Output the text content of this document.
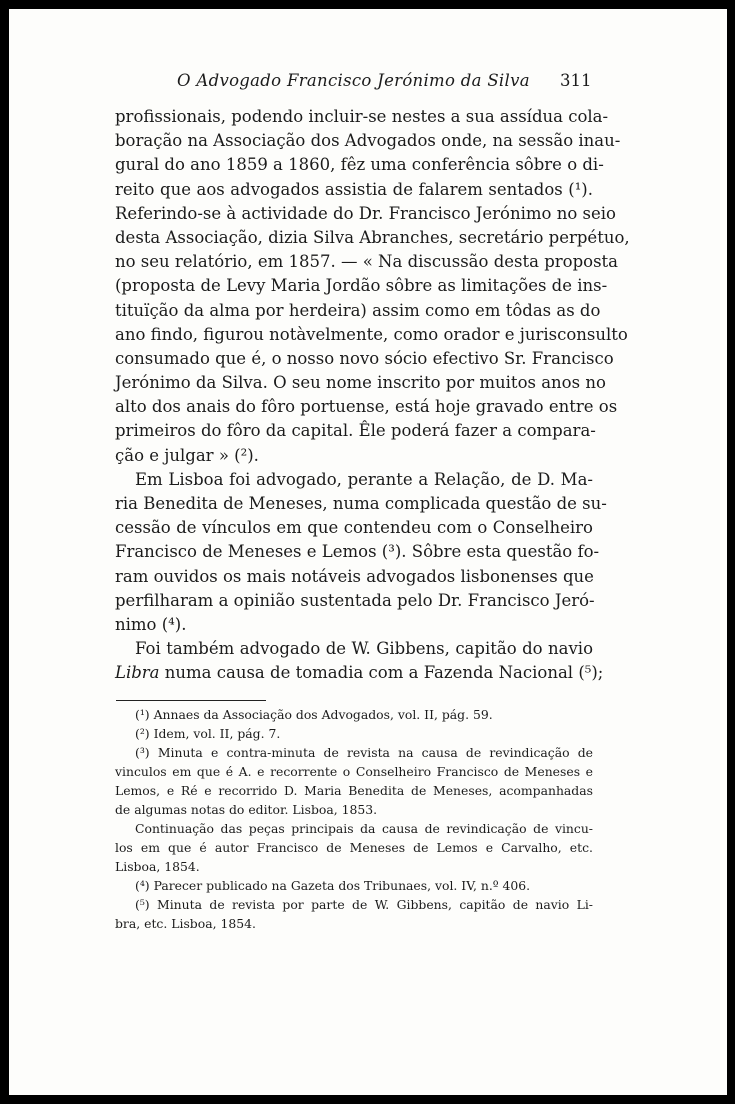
O Advogado Francisco Jerónimo da Silva 311
profissionais, podendo incluir-se nestes a sua assídua cola-
boração na Associação dos Advogados onde, na sessão inau-
gural do ano 1859 a 1860, fêz uma conferência sôbre o di-
reito que aos advogados assistia de falarem sentados (¹).
Referindo-se à actividade do Dr. Francisco Jerónimo no seio
desta Associação, dizia Silva Abranches, secretário perpétuo,
no seu relatório, em 1857. — « Na discussão desta proposta
(proposta de Levy Maria Jordão sôbre as limitações de ins-
tituïção da alma por herdeira) assim como em tôdas as do
ano findo, figurou notàvelmente, como orador e jurisconsulto
consumado que é, o nosso novo sócio efectivo Sr. Francisco
Jerónimo da Silva. O seu nome inscrito por muitos anos no
alto dos anais do fôro portuense, está hoje gravado entre os
primeiros do fôro da capital. Êle poderá fazer a compara-
ção e julgar » (²).
Em Lisboa foi advogado, perante a Relação, de D. Ma-
ria Benedita de Meneses, numa complicada questão de su-
cessão de vínculos em que contendeu com o Conselheiro
Francisco de Meneses e Lemos (³). Sôbre esta questão fo-
ram ouvidos os mais notáveis advogados lisbonenses que
perfilharam a opinião sustentada pelo Dr. Francisco Jeró-
nimo (⁴).
Foi também advogado de W. Gibbens, capitão do navio
Libra numa causa de tomadia com a Fazenda Nacional (⁵);
(¹) Annaes da Associação dos Advogados, vol. II, pág. 59.
(²) Idem, vol. II, pág. 7.
(³) Minuta e contra-minuta de revista na causa de revindicação de
vinculos em que é A. e recorrente o Conselheiro Francisco de Meneses e
Lemos, e Ré e recorrido D. Maria Benedita de Meneses, acompanhadas
de algumas notas do editor. Lisboa, 1853.
Continuação das peças principais da causa de revindicação de vincu-
los em que é autor Francisco de Meneses de Lemos e Carvalho, etc.
Lisboa, 1854.
(⁴) Parecer publicado na Gazeta dos Tribunaes, vol. IV, n.º 406.
(⁵) Minuta de revista por parte de W. Gibbens, capitão de navio Li-
bra, etc. Lisboa, 1854.
